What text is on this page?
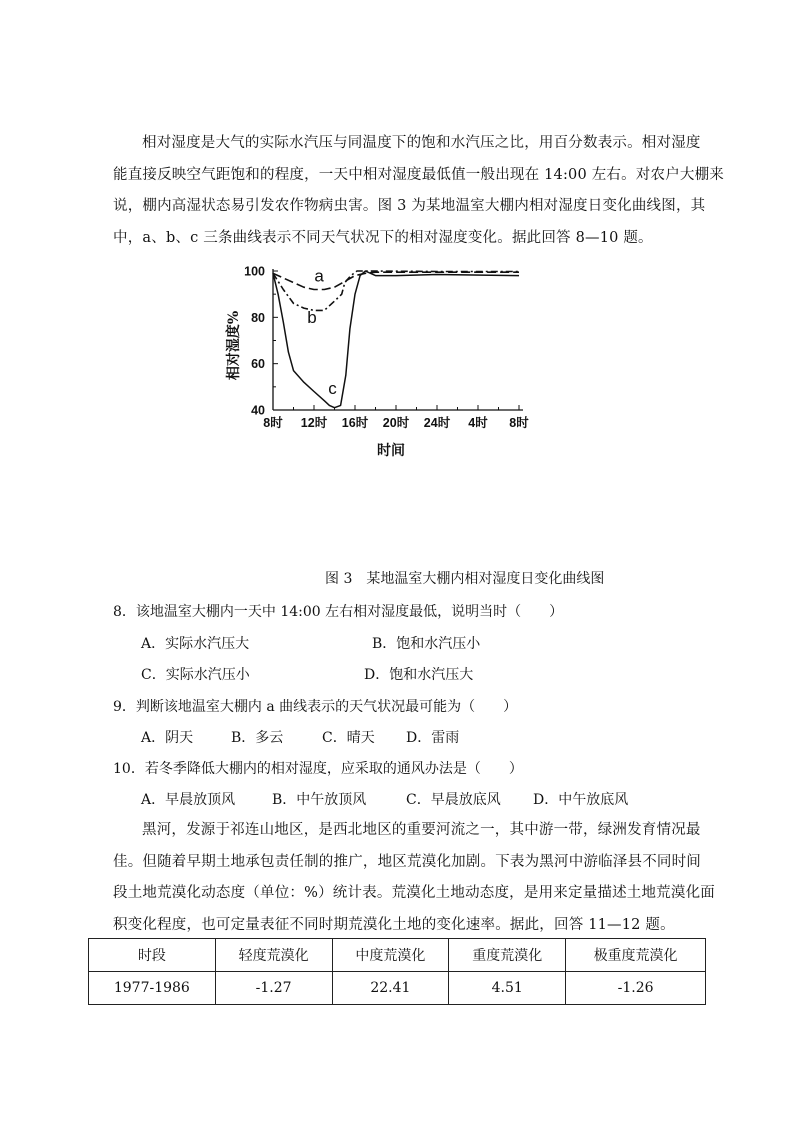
相对湿度是大气的实际水汽压与同温度下的饱和水汽压之比，用百分数表示。相对湿度
能直接反映空气距饱和的程度，一天中相对湿度最低值一般出现在 14:00 左右。对农户大棚来
说，棚内高湿状态易引发农作物病虫害。图 3 为某地温室大棚内相对湿度日变化曲线图，其
中，a、b、c 三条曲线表示不同天气状况下的相对湿度变化。据此回答 8—10 题。
8时 12时 16时 20时 24时 4时 8时
40
60
80
100
时间
相对湿度%
a
b
c
图 3　某地温室大棚内相对湿度日变化曲线图
8．该地温室大棚内一天中 14:00 左右相对湿度最低，说明当时（　　）
A．实际水汽压大	B．饱和水汽压小
C．实际水汽压小	D．饱和水汽压大
9．判断该地温室大棚内 a 曲线表示的天气状况最可能为（　　）
A．阴天	B．多云	C．晴天 D．雷雨
10．若冬季降低大棚内的相对湿度，应采取的通风办法是（　　）
A．早晨放顶风	B．中午放顶风	C．早晨放底风 D．中午放底风
黑河，发源于祁连山地区，是西北地区的重要河流之一，其中游一带，绿洲发育情况最
佳。但随着早期土地承包责任制的推广，地区荒漠化加剧。下表为黑河中游临泽县不同时间
段土地荒漠化动态度（单位：%）统计表。荒漠化土地动态度，是用来定量描述土地荒漠化面
积变化程度，也可定量表征不同时期荒漠化土地的变化速率。据此，回答 11—12 题。
时段	轻度荒漠化	中度荒漠化	重度荒漠化	极重度荒漠化
1977-1986	-1.27	22.41	4.51	-1.26
